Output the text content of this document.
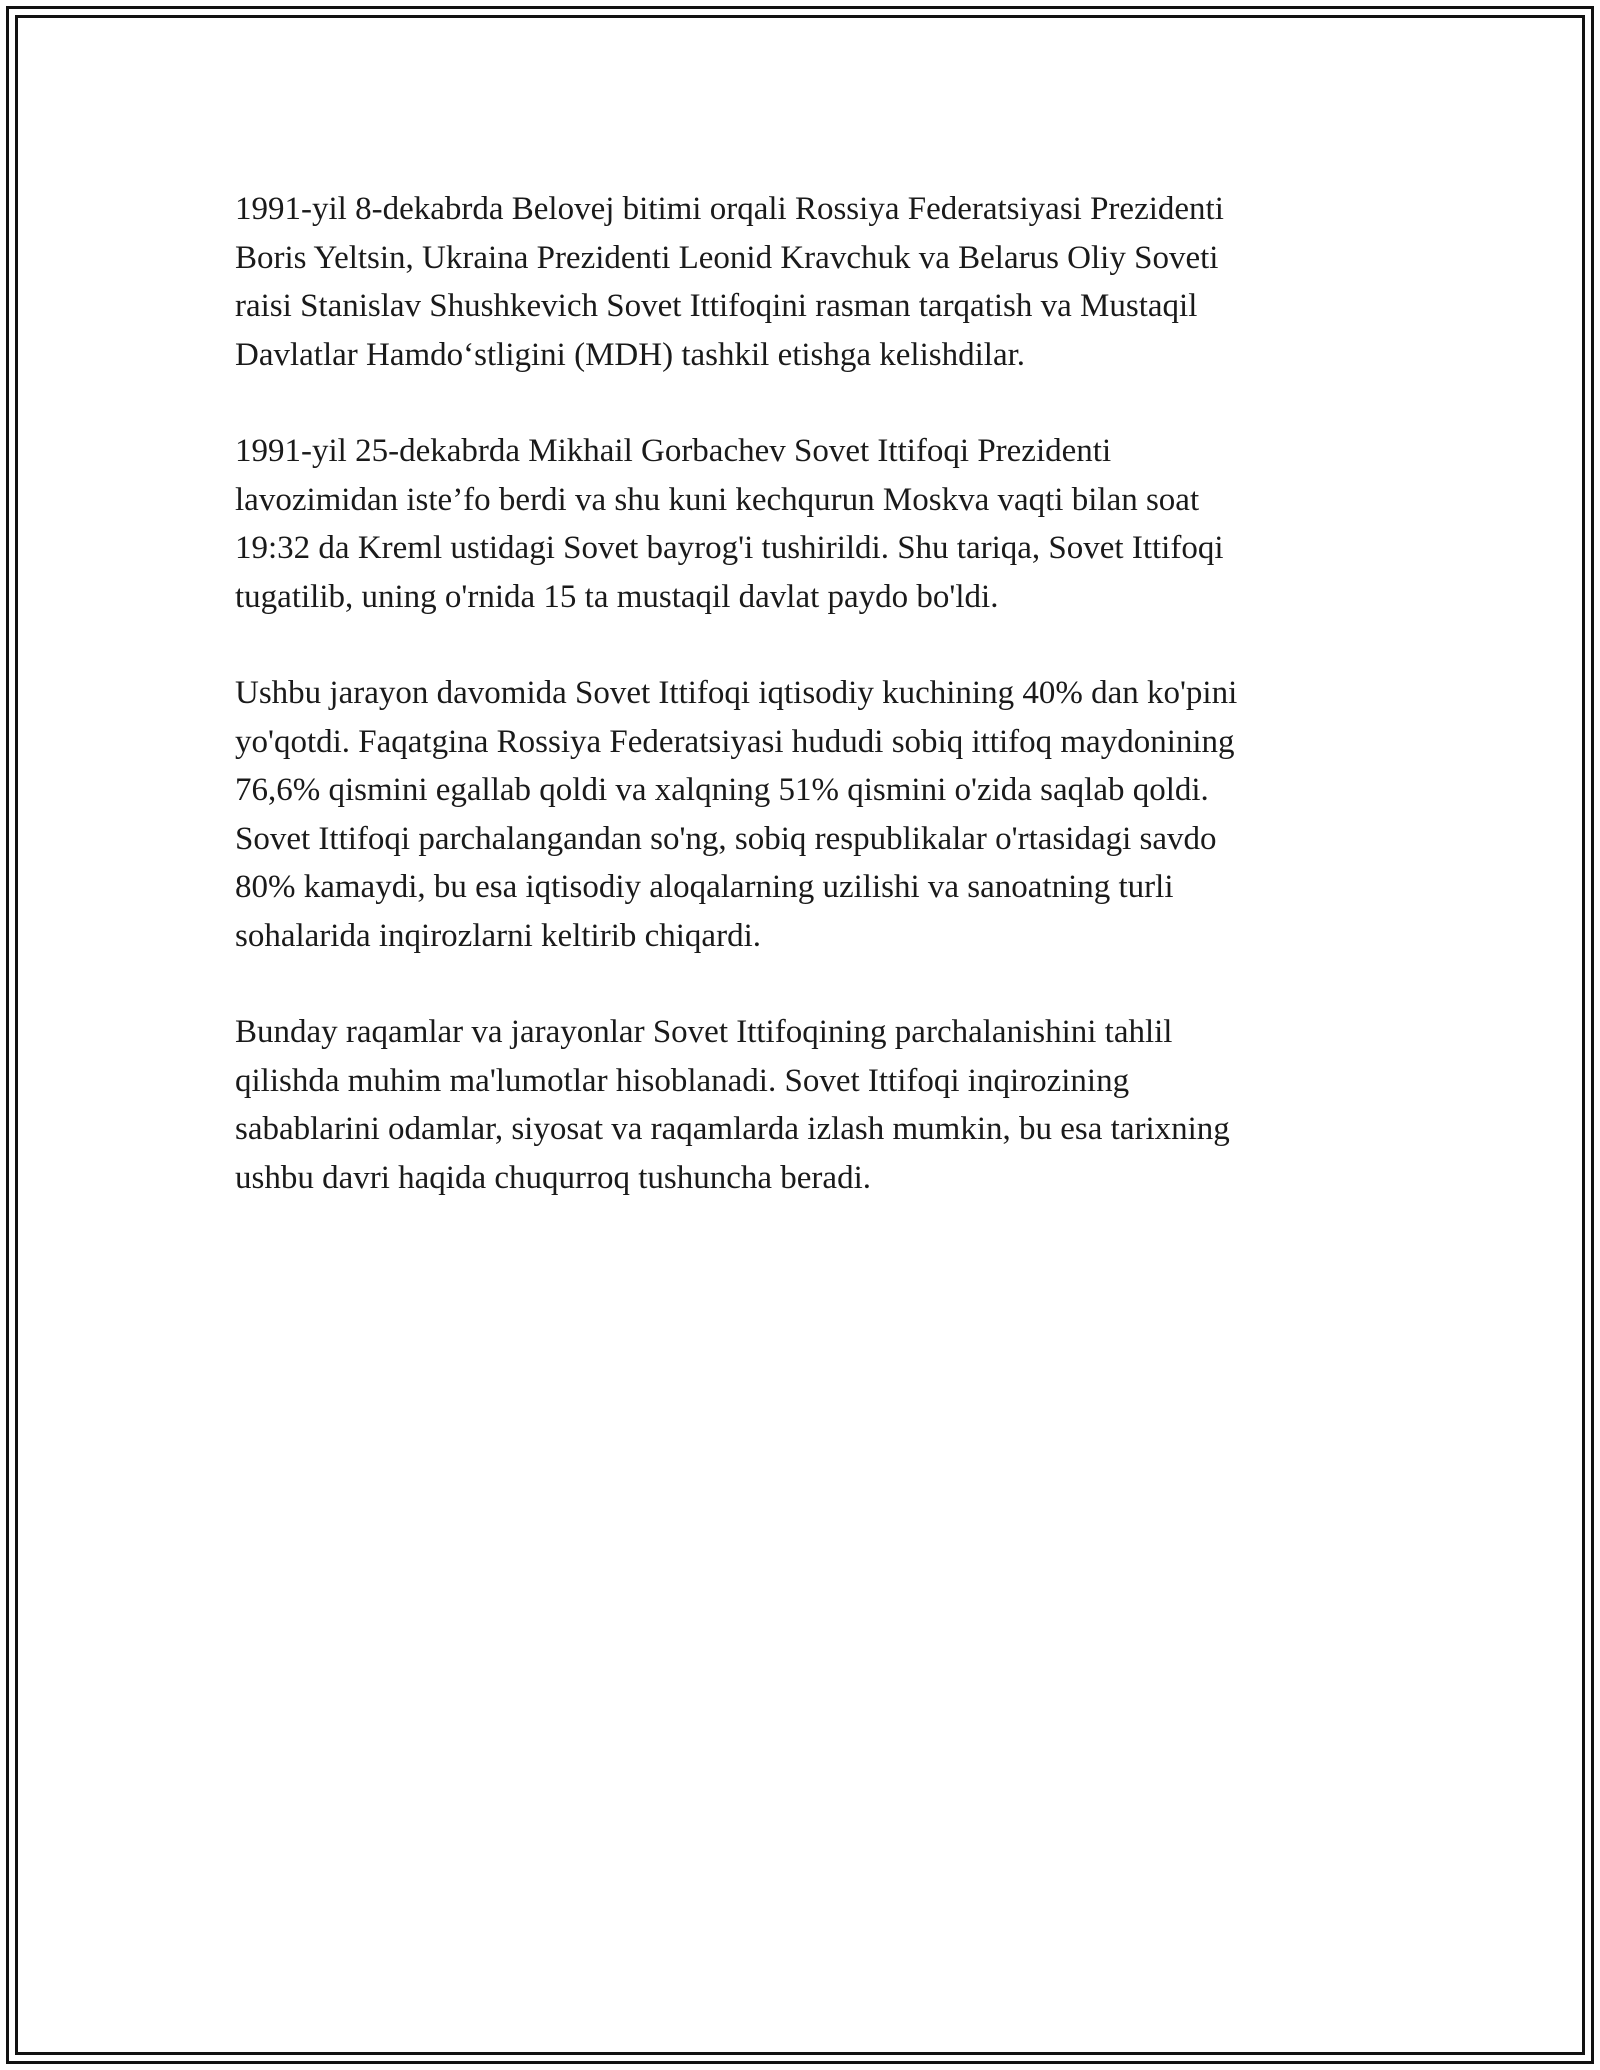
1991-yil 8-dekabrda Belovej bitimi orqali Rossiya Federatsiyasi Prezidenti
Boris Yeltsin, Ukraina Prezidenti Leonid Kravchuk va Belarus Oliy Soveti
raisi Stanislav Shushkevich Sovet Ittifoqini rasman tarqatish va Mustaqil
Davlatlar Hamdo‘stligini (MDH) tashkil etishga kelishdilar.

1991-yil 25-dekabrda Mikhail Gorbachev Sovet Ittifoqi Prezidenti
lavozimidan iste’fo berdi va shu kuni kechqurun Moskva vaqti bilan soat
19:32 da Kreml ustidagi Sovet bayrog'i tushirildi. Shu tariqa, Sovet Ittifoqi
tugatilib, uning o'rnida 15 ta mustaqil davlat paydo bo'ldi.

Ushbu jarayon davomida Sovet Ittifoqi iqtisodiy kuchining 40% dan ko'pini
yo'qotdi. Faqatgina Rossiya Federatsiyasi hududi sobiq ittifoq maydonining
76,6% qismini egallab qoldi va xalqning 51% qismini o'zida saqlab qoldi.
Sovet Ittifoqi parchalangandan so'ng, sobiq respublikalar o'rtasidagi savdo
80% kamaydi, bu esa iqtisodiy aloqalarning uzilishi va sanoatning turli
sohalarida inqirozlarni keltirib chiqardi.

Bunday raqamlar va jarayonlar Sovet Ittifoqining parchalanishini tahlil
qilishda muhim ma'lumotlar hisoblanadi. Sovet Ittifoqi inqirozining
sabablarini odamlar, siyosat va raqamlarda izlash mumkin, bu esa tarixning
ushbu davri haqida chuqurroq tushuncha beradi.
